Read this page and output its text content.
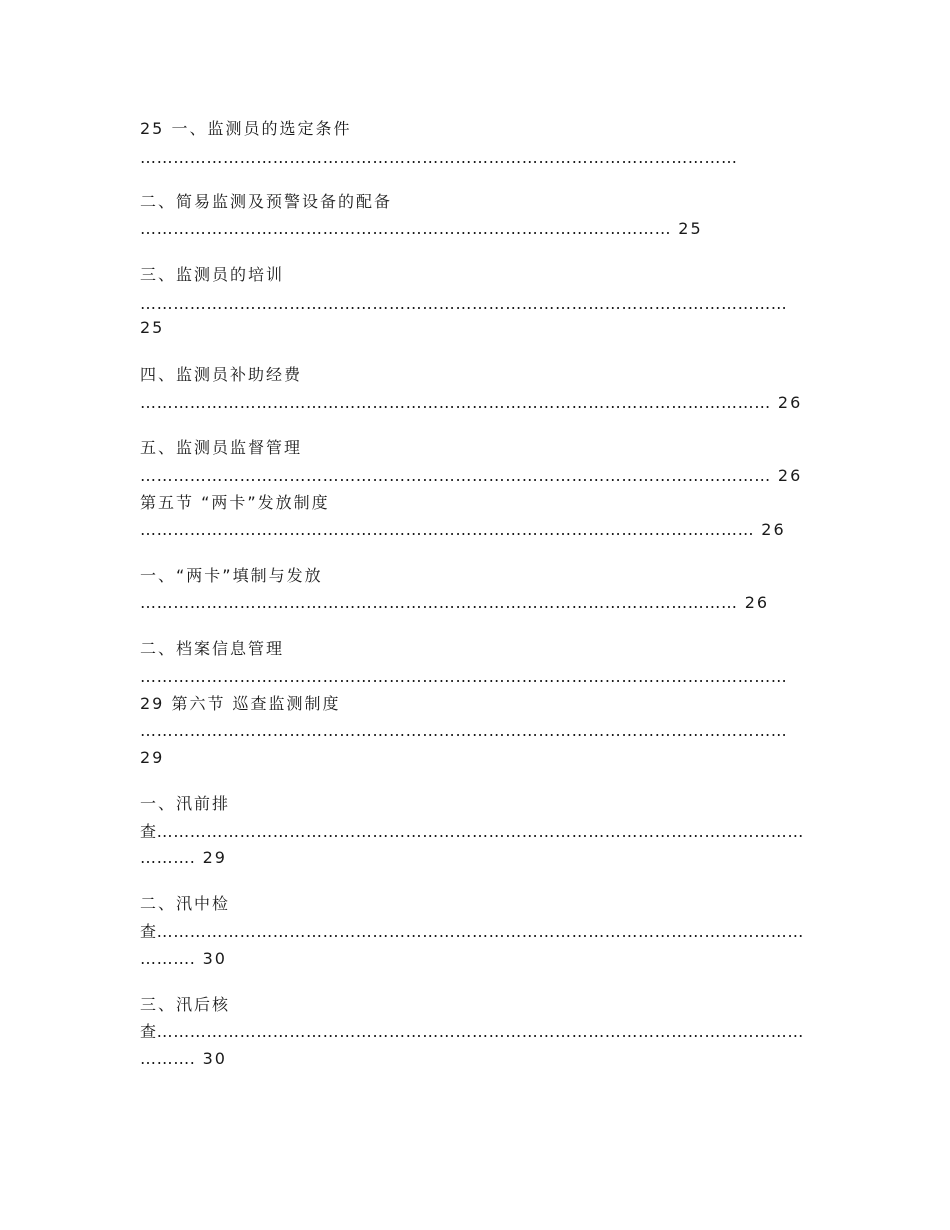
25 一、监测员的选定条件
………………………………………………………………………………………………
二、简易监测及预警设备的配备
…………………………………………………………………………………… 25
三、监测员的培训
………………………………………………………………………………………………………
25
四、监测员补助经费
…………………………………………………………………………………………………… 26
五、监测员监督管理
…………………………………………………………………………………………………… 26
第五节 “两卡”发放制度
………………………………………………………………………………………………… 26
一、“两卡”填制与发放
……………………………………………………………………………………………… 26
二、档案信息管理
………………………………………………………………………………………………………
29 第六节 巡查监测制度
………………………………………………………………………………………………………
29
一、汛前排
查………………………………………………………………………………………………………
………. 29
二、汛中检
查………………………………………………………………………………………………………
………. 30
三、汛后核
查………………………………………………………………………………………………………
………. 30
